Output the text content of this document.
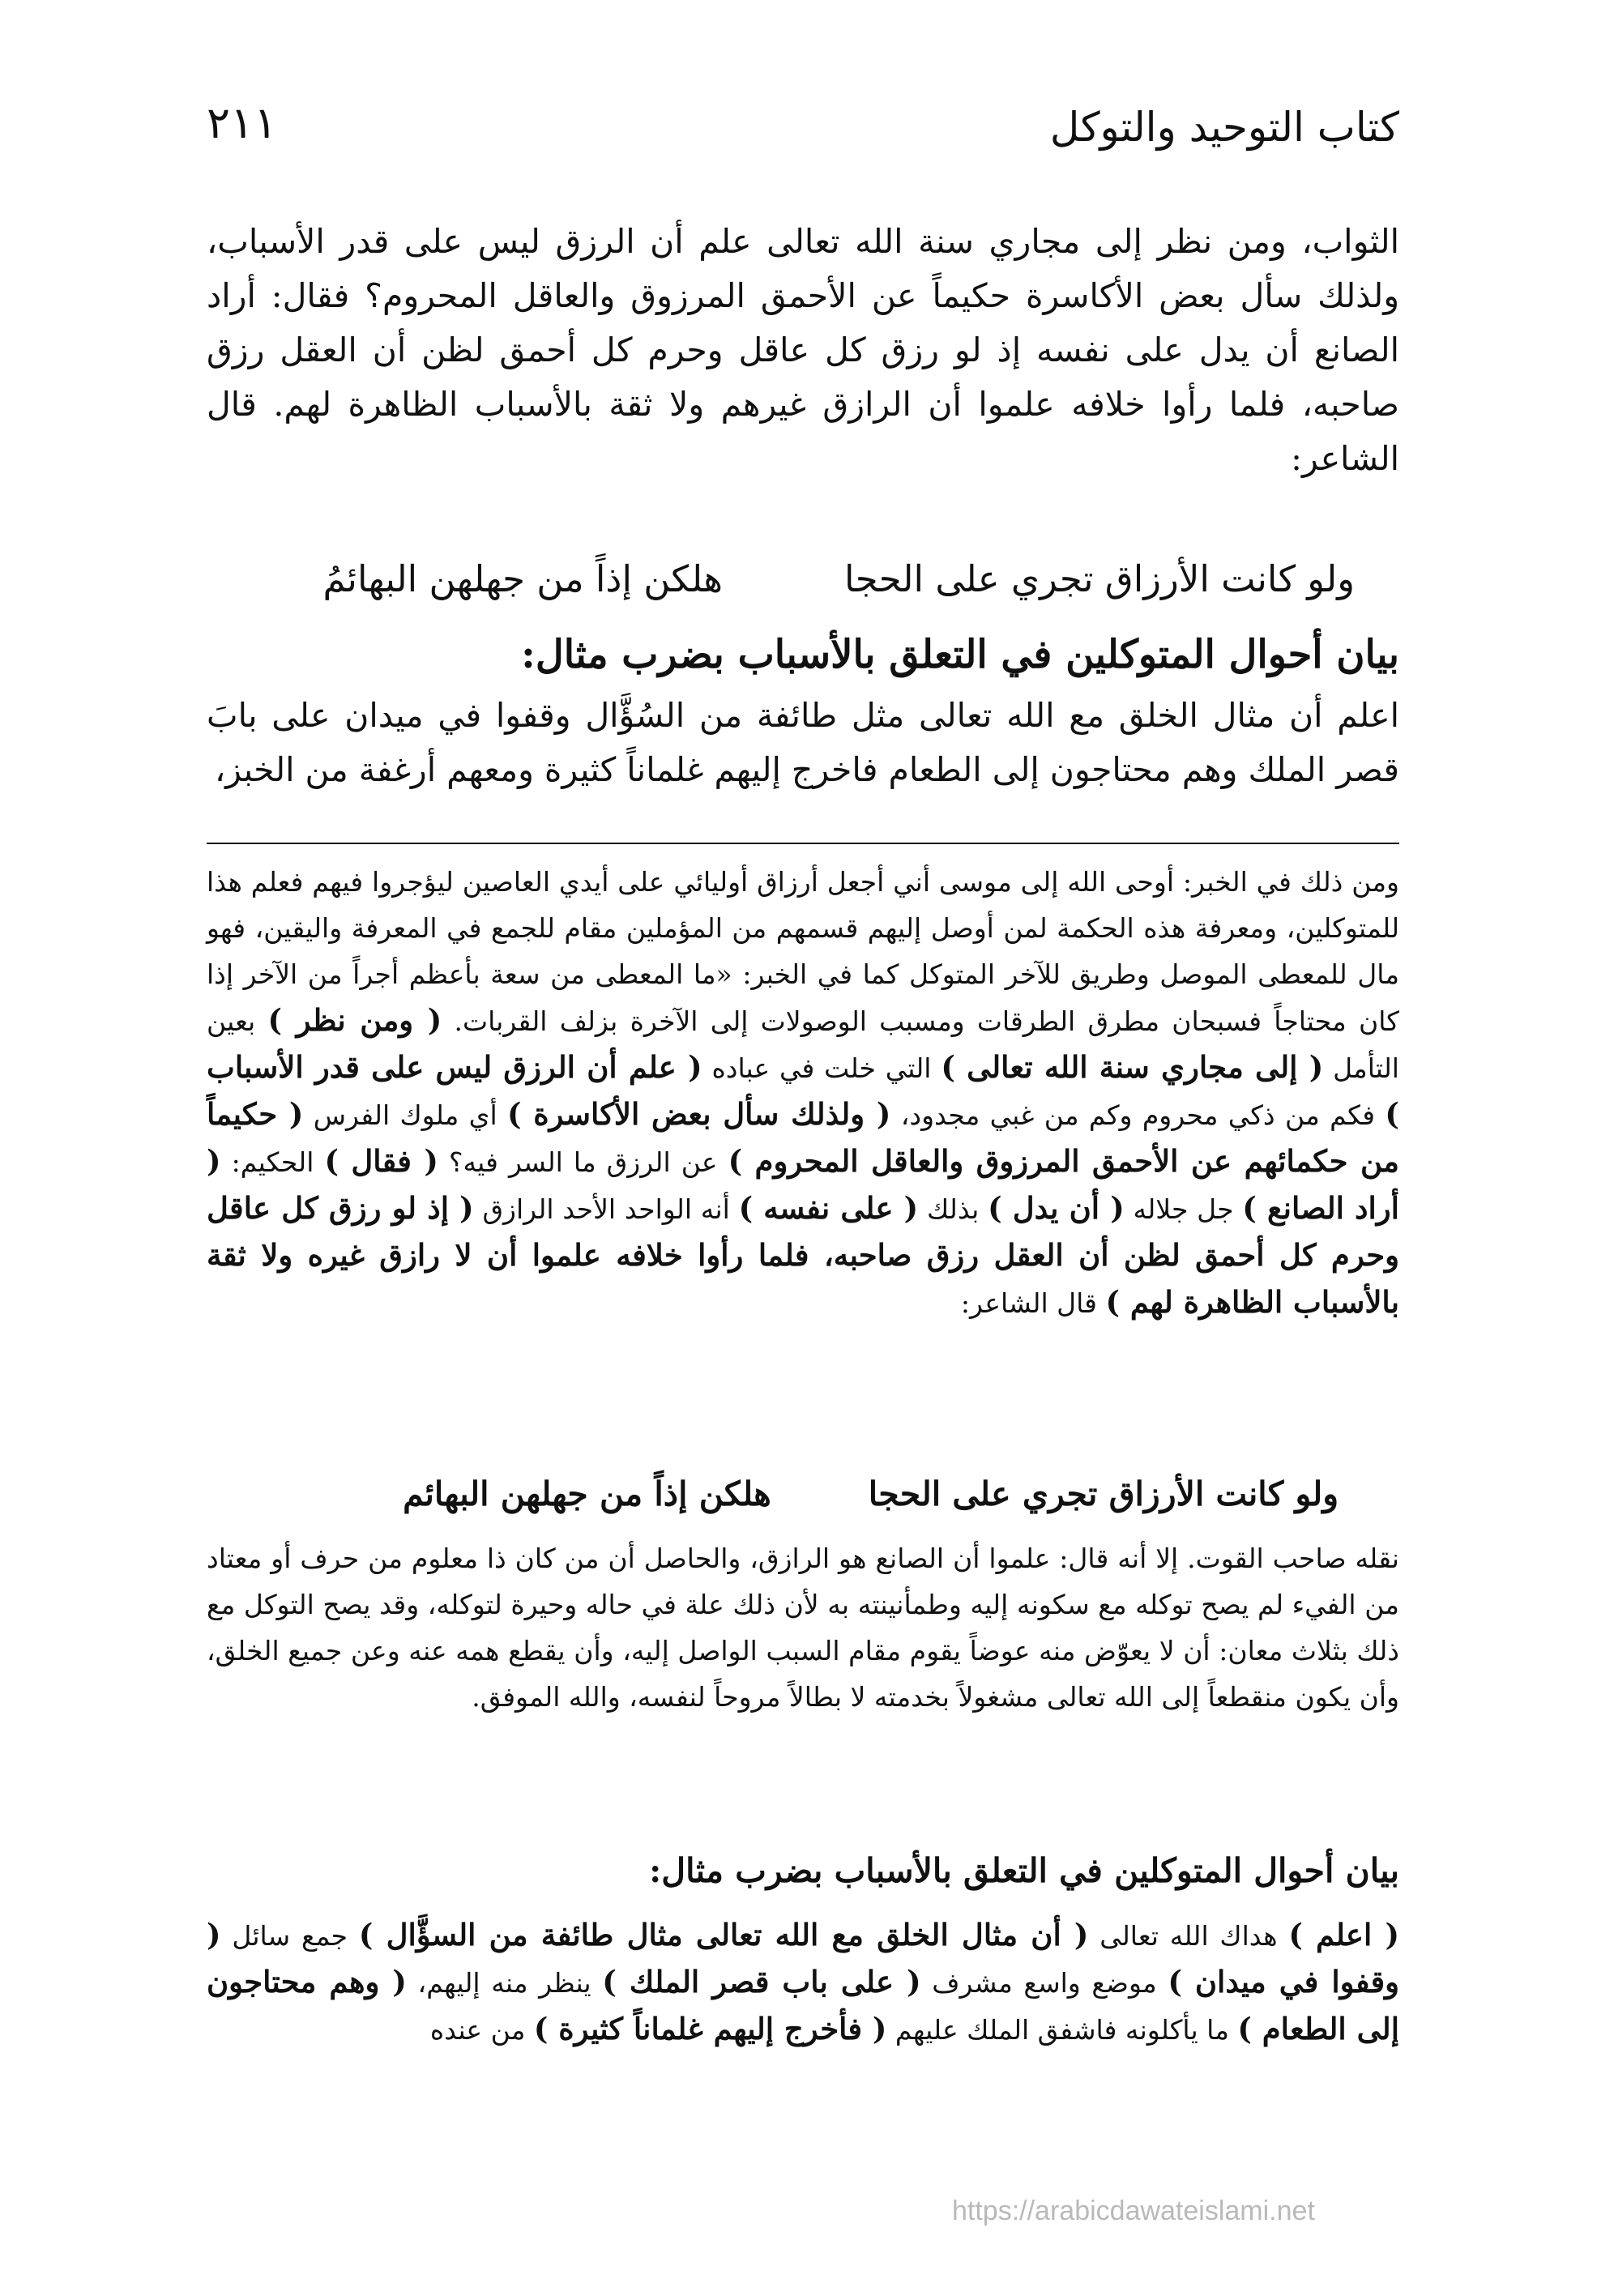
كتاب التوحيد والتوكل
٢١١

الثواب، ومن نظر إلى مجاري سنة الله تعالى علم أن الرزق ليس على قدر الأسباب، ولذلك سأل بعض الأكاسرة حكيماً عن الأحمق المرزوق والعاقل المحروم؟ فقال: أراد الصانع أن يدل على نفسه إذ لو رزق كل عاقل وحرم كل أحمق لظن أن العقل رزق صاحبه، فلما رأوا خلافه علموا أن الرازق غيرهم ولا ثقة بالأسباب الظاهرة لهم. قال الشاعر:

ولو كانت الأرزاق تجري على الحجا
هلكن إذاً من جهلهن البهائمُ
بيان أحوال المتوكلين في التعلق بالأسباب بضرب مثال:

اعلم أن مثال الخلق مع الله تعالى مثل طائفة من السُؤَّال وقفوا في ميدان على بابَ قصر الملك وهم محتاجون إلى الطعام فاخرج إليهم غلماناً كثيرة ومعهم أرغفة من الخبز،

ومن ذلك في الخبر: أوحى الله إلى موسى أني أجعل أرزاق أوليائي على أيدي العاصين ليؤجروا فيهم فعلم هذا للمتوكلين، ومعرفة هذه الحكمة لمن أوصل إليهم قسمهم من المؤملين مقام للجمع في المعرفة واليقين، فهو مال للمعطى الموصل وطريق للآخر المتوكل كما في الخبر: «ما المعطى من سعة بأعظم أجراً من الآخر إذا كان محتاجاً فسبحان مطرق الطرقات ومسبب الوصولات إلى الآخرة بزلف القربات. ( ومن نظر ) بعين التأمل ( إلى مجاري سنة الله تعالى ) التي خلت في عباده ( علم أن الرزق ليس على قدر الأسباب ) فكم من ذكي محروم وكم من غبي مجدود، ( ولذلك سأل بعض الأكاسرة ) أي ملوك الفرس ( حكيماً من حكمائهم عن الأحمق المرزوق والعاقل المحروم ) عن الرزق ما السر فيه؟ ( فقال ) الحكيم: ( أراد الصانع ) جل جلاله ( أن يدل ) بذلك ( على نفسه ) أنه الواحد الأحد الرازق ( إذ لو رزق كل عاقل وحرم كل أحمق لظن أن العقل رزق صاحبه، فلما رأوا خلافه علموا أن لا رازق غيره ولا ثقة بالأسباب الظاهرة لهم ) قال الشاعر:

ولو كانت الأرزاق تجري على الحجا
هلكن إذاً من جهلهن البهائم

نقله صاحب القوت. إلا أنه قال: علموا أن الصانع هو الرازق، والحاصل أن من كان ذا معلوم من حرف أو معتاد من الفيء لم يصح توكله مع سكونه إليه وطمأنينته به لأن ذلك علة في حاله وحيرة لتوكله، وقد يصح التوكل مع ذلك بثلاث معان: أن لا يعوّض منه عوضاً يقوم مقام السبب الواصل إليه، وأن يقطع همه عنه وعن جميع الخلق، وأن يكون منقطعاً إلى الله تعالى مشغولاً بخدمته لا بطالاً مروحاً لنفسه، والله الموفق.

بيان أحوال المتوكلين في التعلق بالأسباب بضرب مثال:

( اعلم ) هداك الله تعالى ( أن مثال الخلق مع الله تعالى مثال طائفة من السؤَّال ) جمع سائل ( وقفوا في ميدان ) موضع واسع مشرف ( على باب قصر الملك ) ينظر منه إليهم، ( وهم محتاجون إلى الطعام ) ما يأكلونه فاشفق الملك عليهم ( فأخرج إليهم غلماناً كثيرة ) من عنده

https://arabicdawateislami.net
